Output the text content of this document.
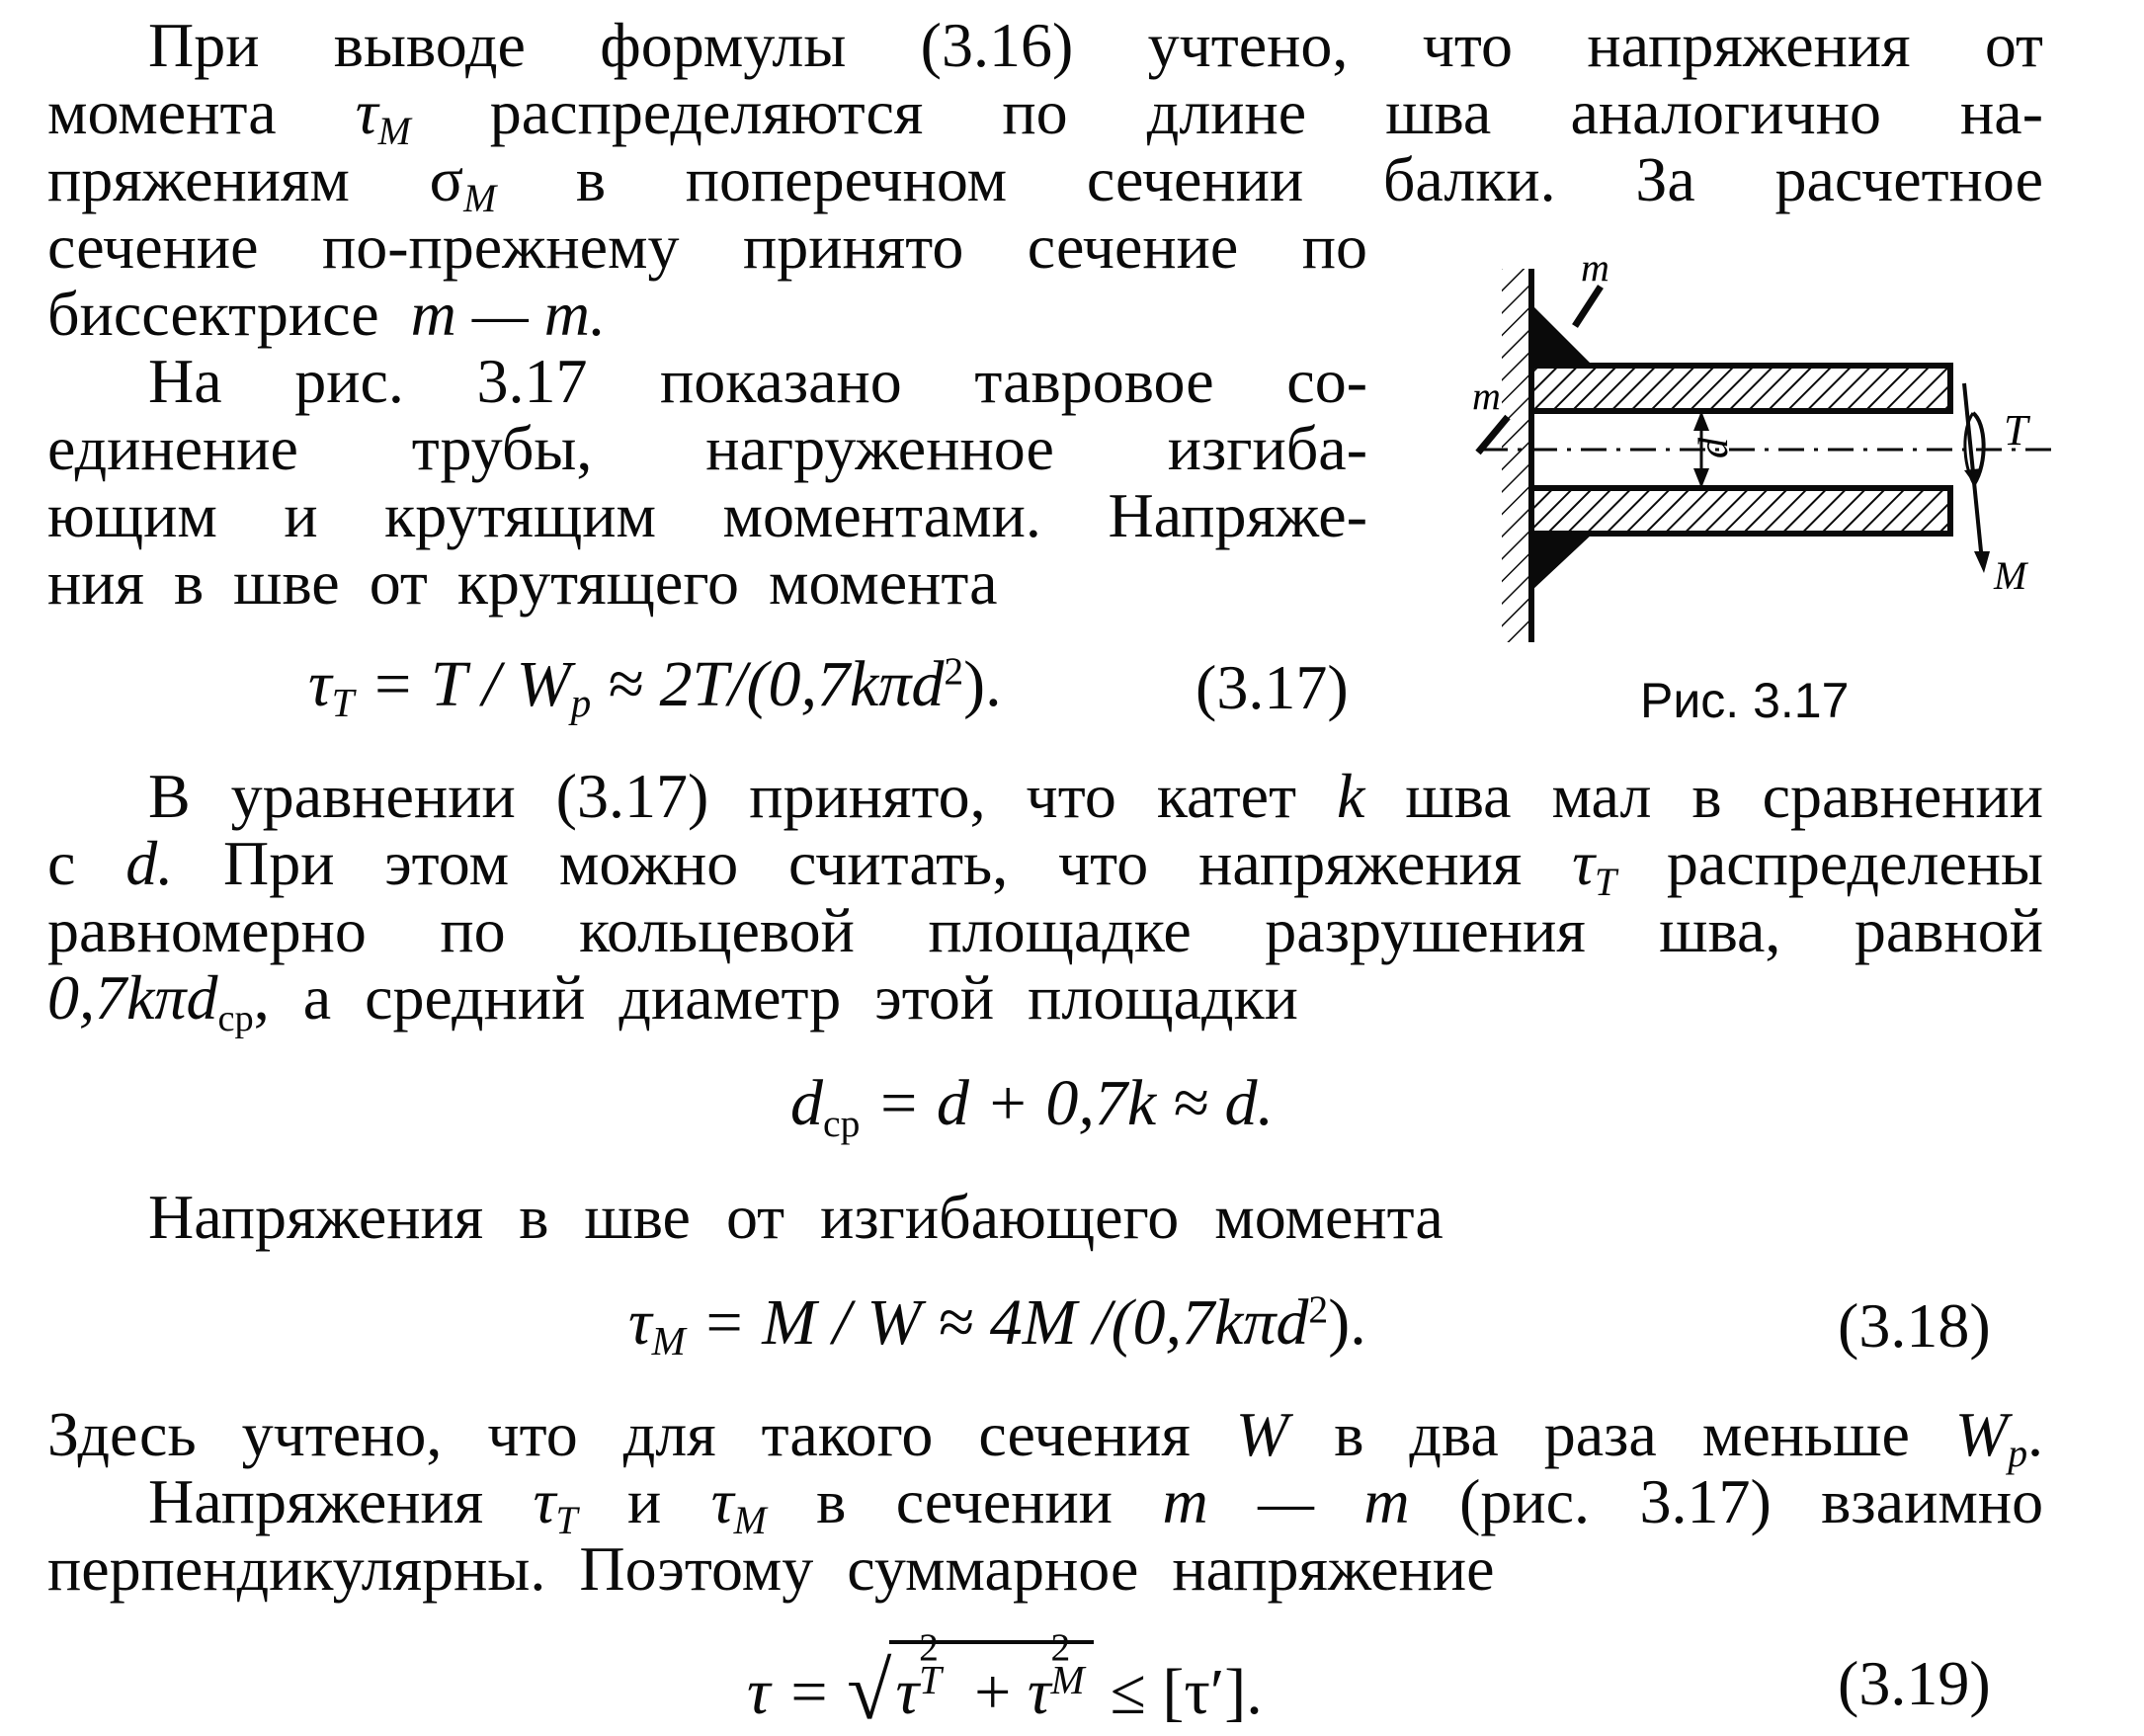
При выводе формулы (3.16) учтено, что напряжения от
момента τM распределяются по длине шва аналогично на-
пряжениям σM в поперечном сечении балки. За расчетное
сечение по-прежнему принято сечение по
биссектрисе m — m.
На рис. 3.17 показано тавровое со-
единение трубы, нагруженное изгиба-
ющим и крутящим моментами. Напряже-
ния в шве от крутящего момента
τT = T / Wp ≈ 2T/(0,7kπd$^2$).	(3.17)
m
m
d	T
M
Рис. 3.17
В уравнении (3.17) принято, что катет k шва мал в сравнении
с d. При этом можно считать, что напряжения τT распределены
равномерно по кольцевой площадке разрушения шва, равной
0,7kπdср, а средний диаметр этой площадки
dср = d + 0,7k ≈ d.
Напряжения в шве от изгибающего момента
τM = M / W ≈ 4M /(0,7kπd$^2$).	(3.18)
Здесь учтено, что для такого сечения W в два раза меньше Wp.
Напряжения τT и τM в сечении m — m (рис. 3.17) взаимно
перпендикулярны. Поэтому суммарное напряжение
τ = √τ
2
T + τ
2
M ≤ [τ′].	(3.19)
